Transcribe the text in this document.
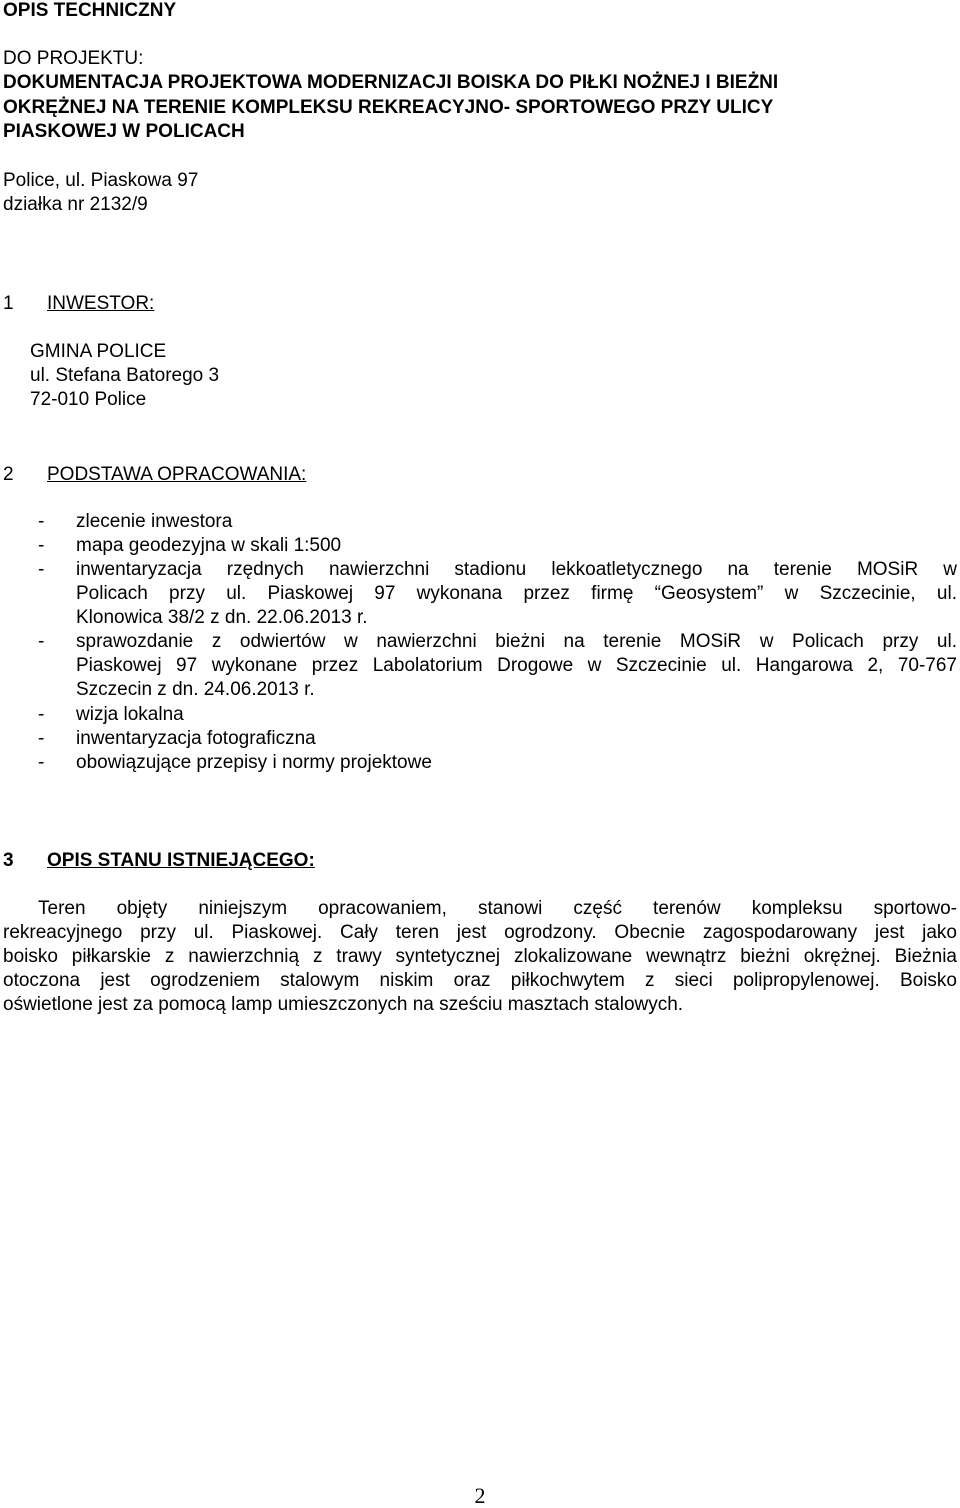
OPIS TECHNICZNY
DO PROJEKTU:
DOKUMENTACJA PROJEKTOWA MODERNIZACJI BOISKA DO PIŁKI NOŻNEJ I BIEŻNI
OKRĘŻNEJ NA TERENIE KOMPLEKSU REKREACYJNO- SPORTOWEGO PRZY ULICY
PIASKOWEJ W POLICACH
Police, ul. Piaskowa 97
działka nr 2132/9
1 INWESTOR:
GMINA POLICE
ul. Stefana Batorego 3
72-010 Police
2 PODSTAWA OPRACOWANIA:
- zlecenie inwestora
- mapa geodezyjna w skali 1:500
- inwentaryzacja rzędnych nawierzchni stadionu lekkoatletycznego na terenie MOSiR w
Policach przy ul. Piaskowej 97 wykonana przez firmę “Geosystem” w Szczecinie, ul.
Klonowica 38/2 z dn. 22.06.2013 r.
- sprawozdanie z odwiertów w nawierzchni bieżni na terenie MOSiR w Policach przy ul.
Piaskowej 97 wykonane przez Labolatorium Drogowe w Szczecinie ul. Hangarowa 2, 70-767
Szczecin z dn. 24.06.2013 r.
- wizja lokalna
- inwentaryzacja fotograficzna
- obowiązujące przepisy i normy projektowe
3 OPIS STANU ISTNIEJĄCEGO:
Teren objęty niniejszym opracowaniem, stanowi część terenów kompleksu sportowo-
rekreacyjnego przy ul. Piaskowej. Cały teren jest ogrodzony. Obecnie zagospodarowany jest jako
boisko piłkarskie z nawierzchnią z trawy syntetycznej zlokalizowane wewnątrz bieżni okrężnej. Bieżnia
otoczona jest ogrodzeniem stalowym niskim oraz piłkochwytem z sieci polipropylenowej. Boisko
oświetlone jest za pomocą lamp umieszczonych na sześciu masztach stalowych.
2
